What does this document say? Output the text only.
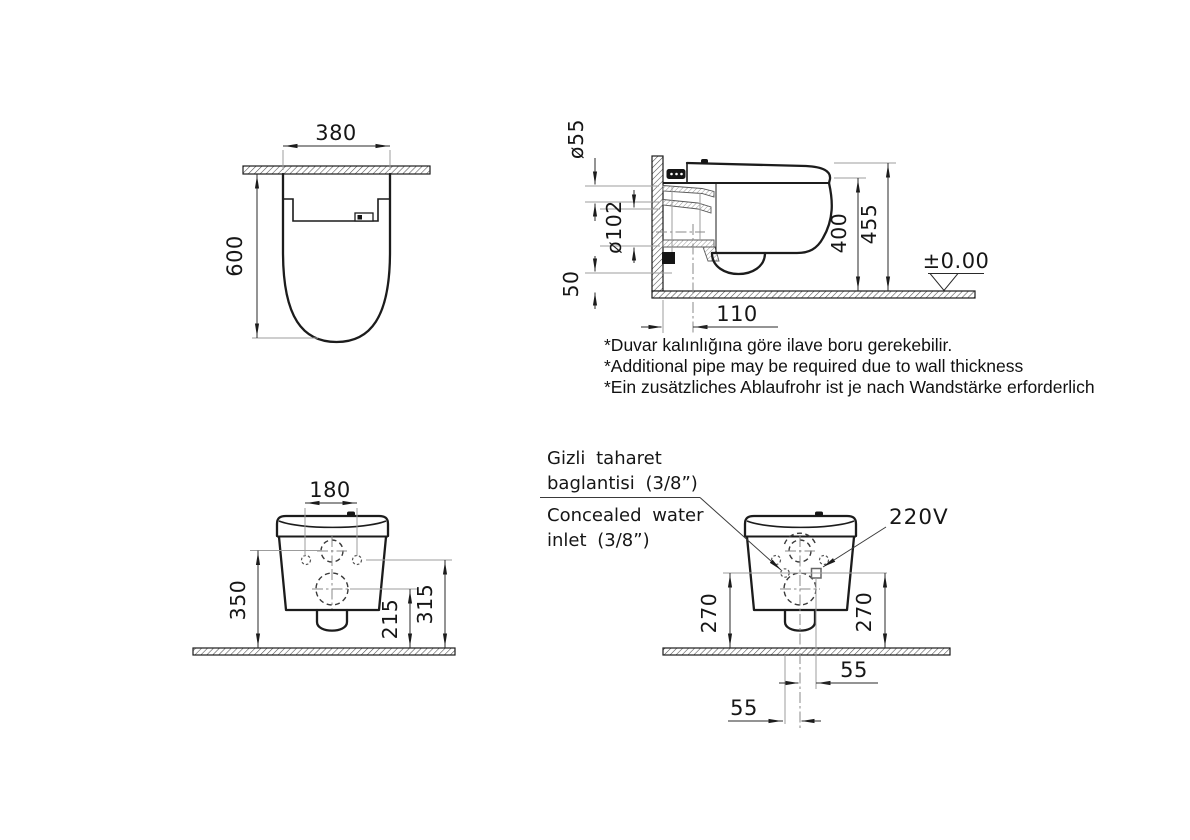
380
600
ø55
ø102
50
110
400 455
±0.00
*Duvar kalınlığına göre ilave boru gerekebilir.
*Additional pipe may be required due to wall thickness
*Ein zusätzliches Ablaufrohr ist je nach Wandstärke erforderlich
180
350	215 315
Gizli taharet
baglantisi (3/8”)
Concealed water
inlet (3/8”)
220V
270	270
55
55
